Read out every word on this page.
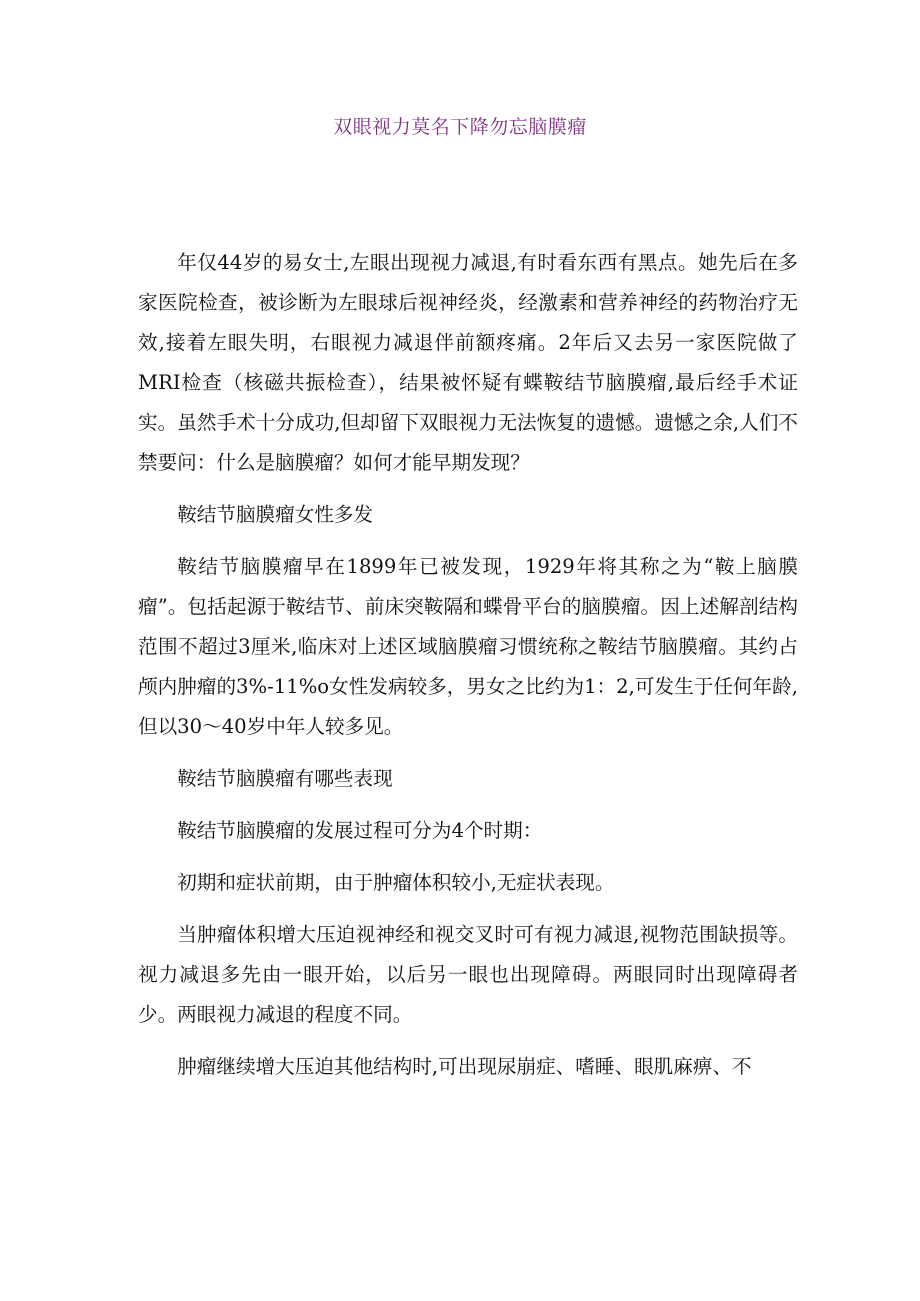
双眼视力莫名下降勿忘脑膜瘤

年仅44岁的易女士,左眼出现视力减退,有时看东西有黑点。她先后在多家医院检查，被诊断为左眼球后视神经炎，经激素和营养神经的药物治疗无效,接着左眼失明，右眼视力减退伴前额疼痛。2年后又去另一家医院做了MRI检查（核磁共振检查），结果被怀疑有蝶鞍结节脑膜瘤,最后经手术证实。虽然手术十分成功,但却留下双眼视力无法恢复的遗憾。遗憾之余,人们不禁要问：什么是脑膜瘤？如何才能早期发现？

鞍结节脑膜瘤女性多发

鞍结节脑膜瘤早在1899年已被发现，1929年将其称之为“鞍上脑膜瘤”。包括起源于鞍结节、前床突鞍隔和蝶骨平台的脑膜瘤。因上述解剖结构范围不超过3厘米,临床对上述区域脑膜瘤习惯统称之鞍结节脑膜瘤。其约占颅内肿瘤的3%-11%o女性发病较多，男女之比约为1：2,可发生于任何年龄,但以30～40岁中年人较多见。

鞍结节脑膜瘤有哪些表现

鞍结节脑膜瘤的发展过程可分为4个时期：

初期和症状前期，由于肿瘤体积较小,无症状表现。

当肿瘤体积增大压迫视神经和视交叉时可有视力减退,视物范围缺损等。视力减退多先由一眼开始，以后另一眼也出现障碍。两眼同时出现障碍者少。两眼视力减退的程度不同。

肿瘤继续增大压迫其他结构时,可出现尿崩症、嗜睡、眼肌麻痹、不
